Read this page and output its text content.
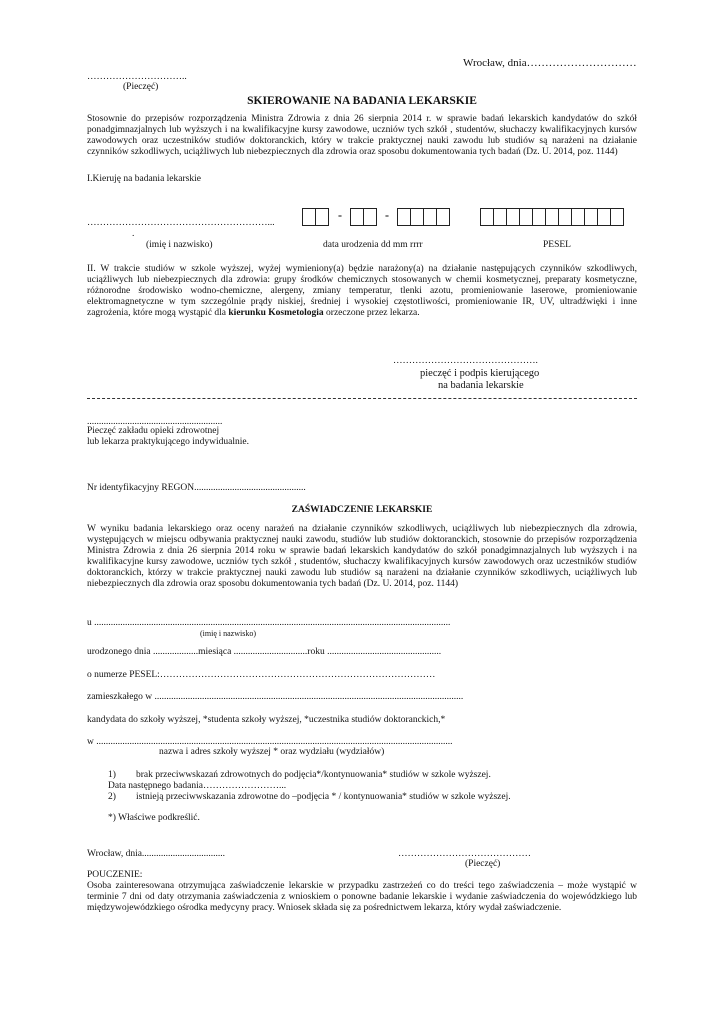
Wrocław, dnia…………………………
…………………………..
(Pieczęć)
SKIEROWANIE NA BADANIA LEKARSKIE
Stosownie do przepisów rozporządzenia Ministra Zdrowia z dnia 26 sierpnia 2014 r. w sprawie badań lekarskich kandydatów do szkół ponadgimnazjalnych lub wyższych i na kwalifikacyjne kursy zawodowe, uczniów tych szkół , studentów, słuchaczy kwalifikacyjnych kursów zawodowych oraz uczestników studiów doktoranckich, który w trakcie praktycznej nauki zawodu lub studiów są narażeni na działanie czynników szkodliwych, uciążliwych lub niebezpiecznych dla zdrowia oraz sposobu dokumentowania tych badań (Dz. U. 2014, poz. 1144)
I.Kieruję na badania lekarskie
…………………………………………………...
.
-	-
(imię i nazwisko)	data urodzenia dd mm rrrr	PESEL
II. W trakcie studiów w szkole wyższej, wyżej wymieniony(a) będzie narażony(a) na działanie następujących czynników szkodliwych, uciążliwych lub niebezpiecznych dla zdrowia: grupy środków chemicznych stosowanych w chemii kosmetycznej, preparaty kosmetyczne, różnorodne środowisko wodno-chemiczne, alergeny, zmiany temperatur, tlenki azotu, promieniowanie laserowe, promieniowanie elektromagnetyczne w tym szczególnie prądy niskiej, średniej i wysokiej częstotliwości, promieniowanie IR, UV, ultradźwięki i inne zagrożenia, które mogą wystąpić dla kierunku Kosmetologia orzeczone przez lekarza.
……………………………………….
pieczęć i podpis kierującego
na badania lekarskie
.........................................................
Pieczęć zakładu opieki zdrowotnej
lub lekarza praktykującego indywidualnie.
Nr identyfikacyjny REGON...............................................
ZAŚWIADCZENIE LEKARSKIE
W wyniku badania lekarskiego oraz oceny narażeń na działanie czynników szkodliwych, uciążliwych lub niebezpiecznych dla zdrowia, występujących w miejscu odbywania praktycznej nauki zawodu, studiów lub studiów doktoranckich, stosownie do przepisów rozporządzenia Ministra Zdrowia z dnia 26 sierpnia 2014 roku w sprawie badań lekarskich kandydatów do szkół ponadgimnazjalnych lub wyższych i na kwalifikacyjne kursy zawodowe, uczniów tych szkół , studentów, słuchaczy kwalifikacyjnych kursów zawodowych oraz uczestników studiów doktoranckich, którzy w trakcie praktycznej nauki zawodu lub studiów są narażeni na działanie czynników szkodliwych, uciążliwych lub niebezpiecznych dla zdrowia oraz sposobu dokumentowania tych badań (Dz. U. 2014, poz. 1144)
u ......................................................................................................................................................
(imię i nazwisko)
urodzonego dnia ...................miesiąca ...............................roku ................................................
o numerze PESEL:……………………………………………………………………………
zamieszkałego w ..................................................................................................................................
kandydata do szkoły wyższej, *studenta szkoły wyższej, *uczestnika studiów doktoranckich,*
w ......................................................................................................................................................
nazwa i adres szkoły wyższej * oraz wydziału (wydziałów)
1) brak przeciwwskazań zdrowotnych do podjęcia*/kontynuowania* studiów w szkole wyższej.
Data następnego badania……………………...
2) istnieją przeciwwskazania zdrowotne do –podjęcia * / kontynuowania* studiów w szkole wyższej.
*) Właściwe podkreślić.
Wrocław, dnia...................................	……………………………………
(Pieczęć)
POUCZENIE:
Osoba zainteresowana otrzymująca zaświadczenie lekarskie w przypadku zastrzeżeń co do treści tego zaświadczenia – może wystąpić w terminie 7 dni od daty otrzymania zaświadczenia z wnioskiem o ponowne badanie lekarskie i wydanie zaświadczenia do wojewódzkiego lub międzywojewódzkiego ośrodka medycyny pracy. Wniosek składa się za pośrednictwem lekarza, który wydał zaświadczenie.
